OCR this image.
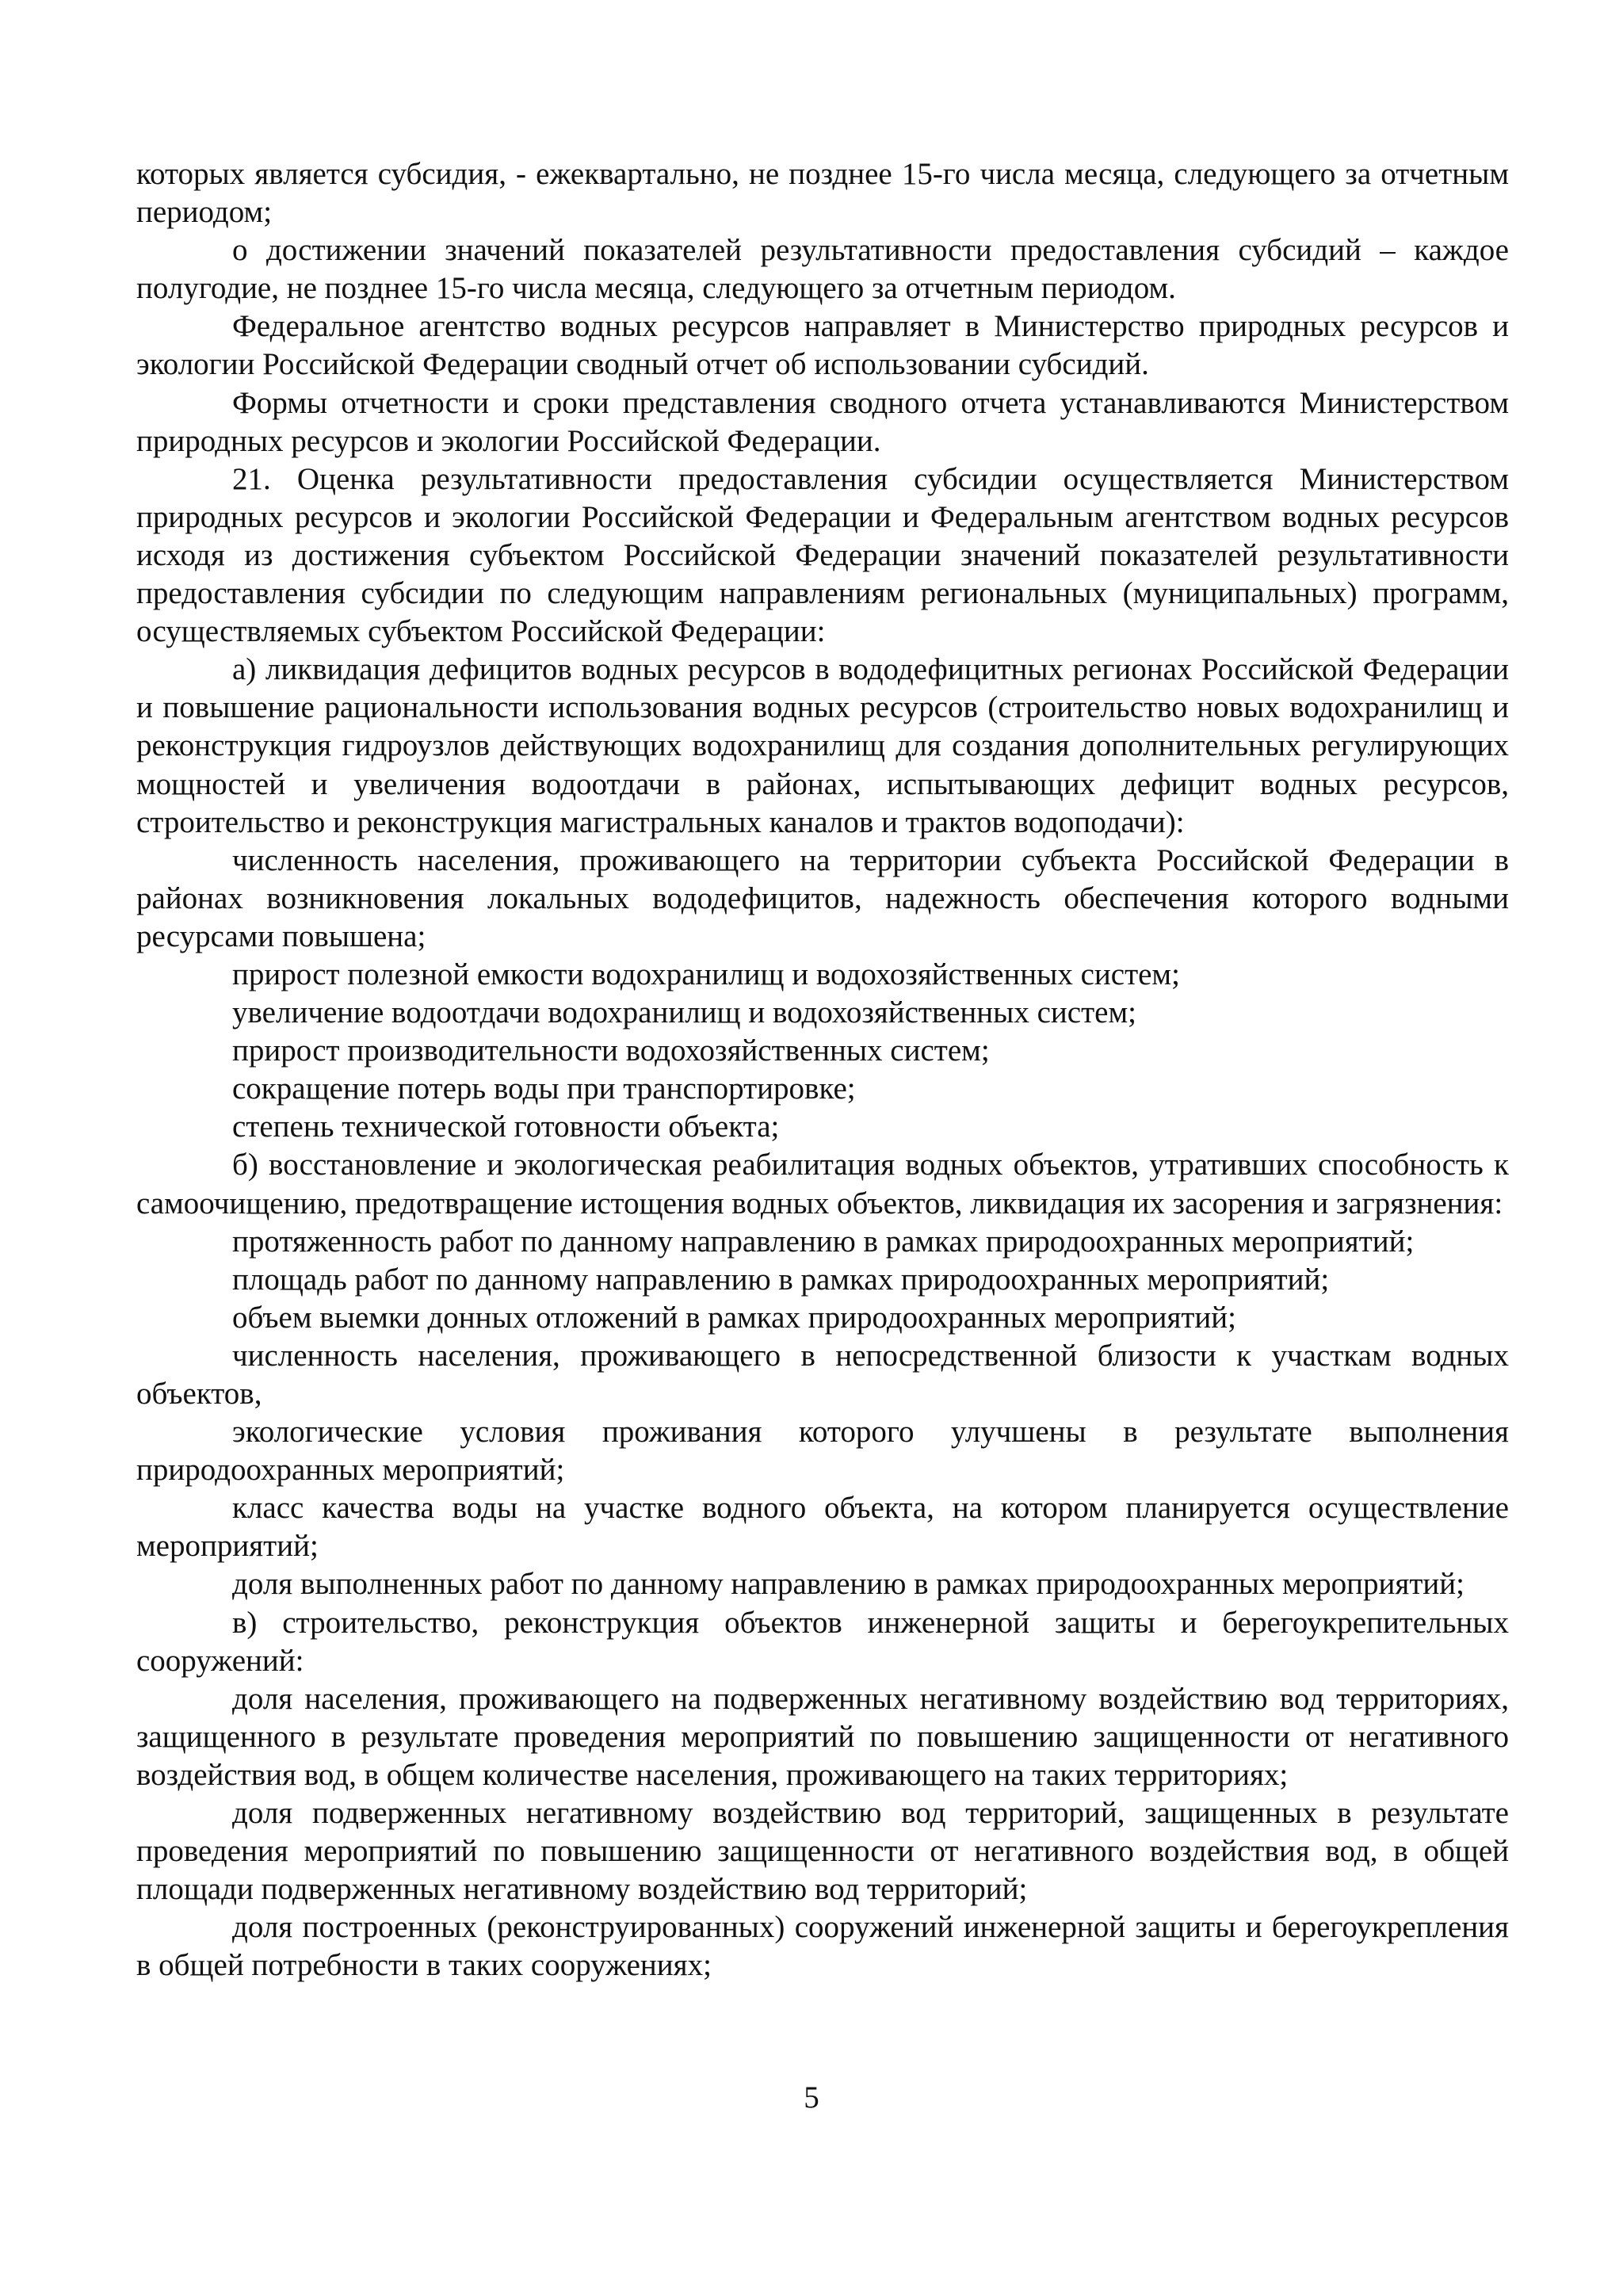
которых является субсидия, - ежеквартально, не позднее 15-го числа месяца, следующего за отчетным периодом;

о достижении значений показателей результативности предоставления субсидий – каждое полугодие, не позднее 15-го числа месяца, следующего за отчетным периодом.

Федеральное агентство водных ресурсов направляет в Министерство природных ресурсов и экологии Российской Федерации сводный отчет об использовании субсидий.

Формы отчетности и сроки представления сводного отчета устанавливаются Министерством природных ресурсов и экологии Российской Федерации.

21. Оценка результативности предоставления субсидии осуществляется Министерством природных ресурсов и экологии Российской Федерации и Федеральным агентством водных ресурсов исходя из достижения субъектом Российской Федерации значений показателей результативности предоставления субсидии по следующим направлениям региональных (муниципальных) программ, осуществляемых субъектом Российской Федерации:

а) ликвидация дефицитов водных ресурсов в вододефицитных регионах Российской Федерации и повышение рациональности использования водных ресурсов (строительство новых водохранилищ и реконструкция гидроузлов действующих водохранилищ для создания дополнительных регулирующих мощностей и увеличения водоотдачи в районах, испытывающих дефицит водных ресурсов, строительство и реконструкция магистральных каналов и трактов водоподачи):

численность населения, проживающего на территории субъекта Российской Федерации в районах возникновения локальных вододефицитов, надежность обеспечения которого водными ресурсами повышена;

прирост полезной емкости водохранилищ и водохозяйственных систем;

увеличение водоотдачи водохранилищ и водохозяйственных систем;

прирост производительности водохозяйственных систем;

сокращение потерь воды при транспортировке;

степень технической готовности объекта;

б) восстановление и экологическая реабилитация водных объектов, утративших способность к самоочищению, предотвращение истощения водных объектов, ликвидация их засорения и загрязнения:

протяженность работ по данному направлению в рамках природоохранных мероприятий;

площадь работ по данному направлению в рамках природоохранных мероприятий;

объем выемки донных отложений в рамках природоохранных мероприятий;

численность населения, проживающего в непосредственной близости к участкам водных объектов,

экологические условия проживания которого улучшены в результате выполнения природоохранных мероприятий;

класс качества воды на участке водного объекта, на котором планируется осуществление мероприятий;

доля выполненных работ по данному направлению в рамках природоохранных мероприятий;

в) строительство, реконструкция объектов инженерной защиты и берегоукрепительных сооружений:

доля населения, проживающего на подверженных негативному воздействию вод территориях, защищенного в результате проведения мероприятий по повышению защищенности от негативного воздействия вод, в общем количестве населения, проживающего на таких территориях;

доля подверженных негативному воздействию вод территорий, защищенных в результате проведения мероприятий по повышению защищенности от негативного воздействия вод, в общей площади подверженных негативному воздействию вод территорий;

доля построенных (реконструированных) сооружений инженерной защиты и берегоукрепления в общей потребности в таких сооружениях;

5
